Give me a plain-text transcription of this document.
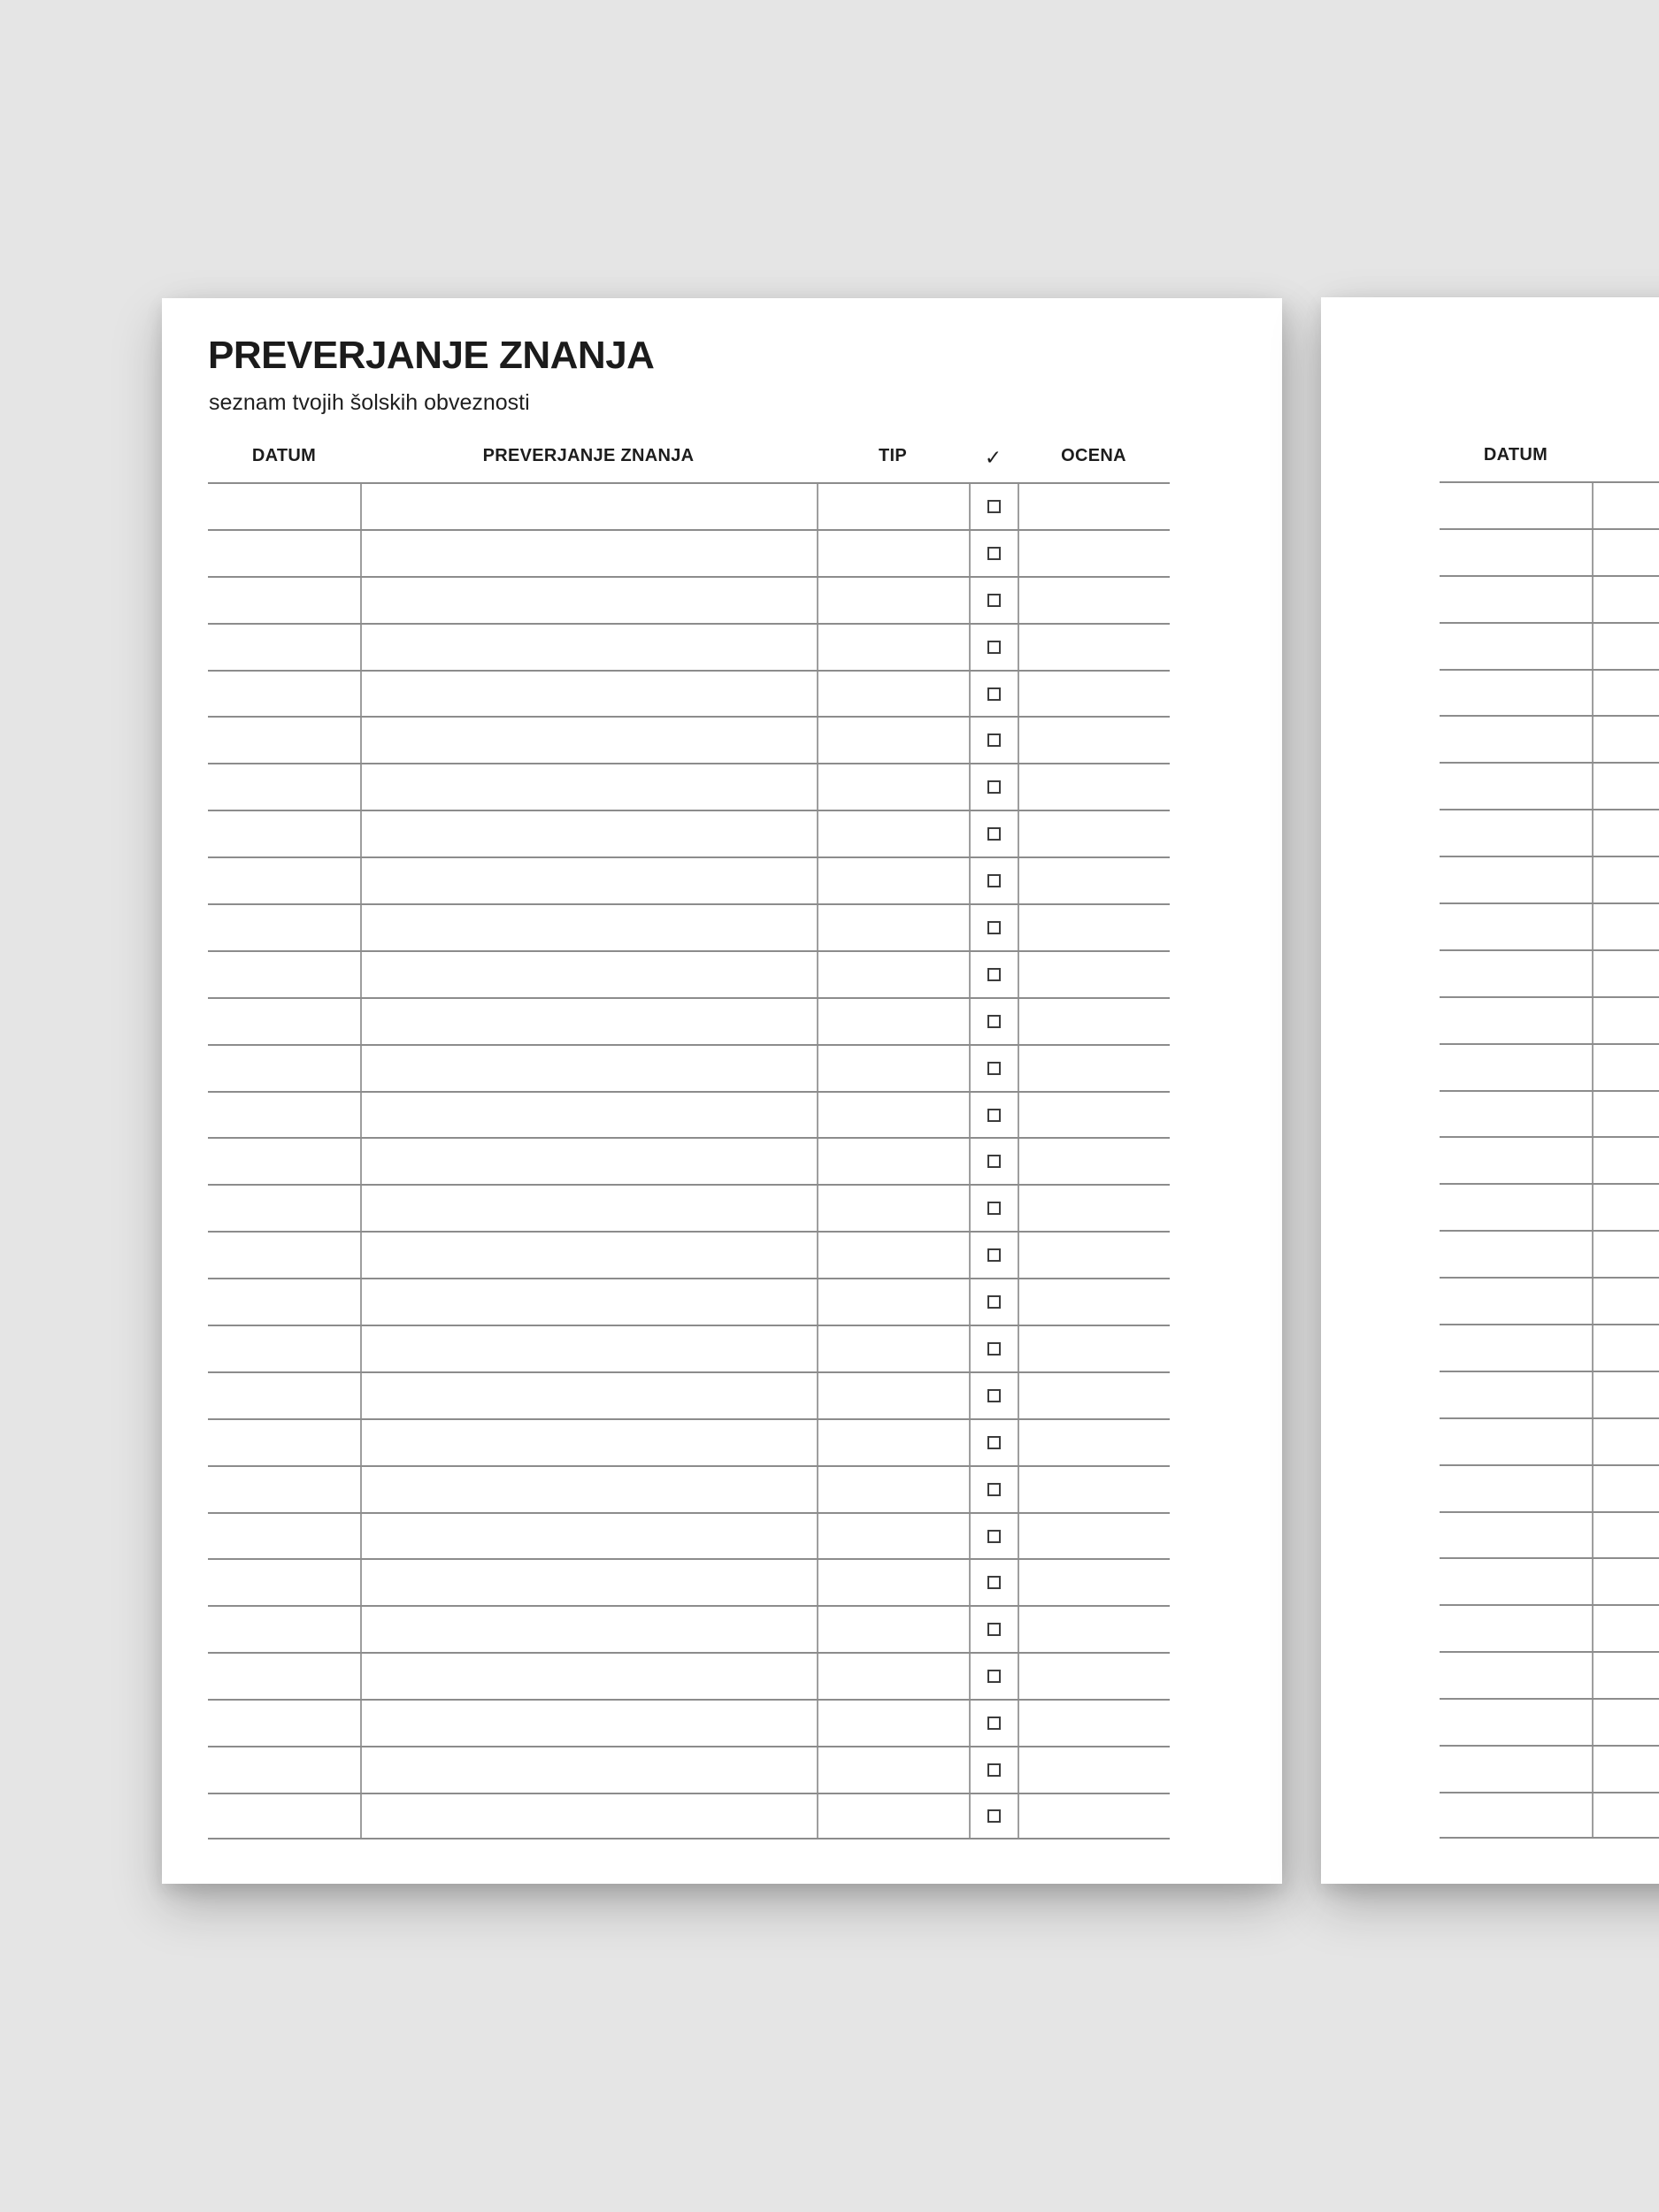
PREVERJANJE ZNANJA
seznam tvojih šolskih obveznosti
DATUM	PREVERJANJE ZNANJA	TIP	✓	OCENA	DATUM
